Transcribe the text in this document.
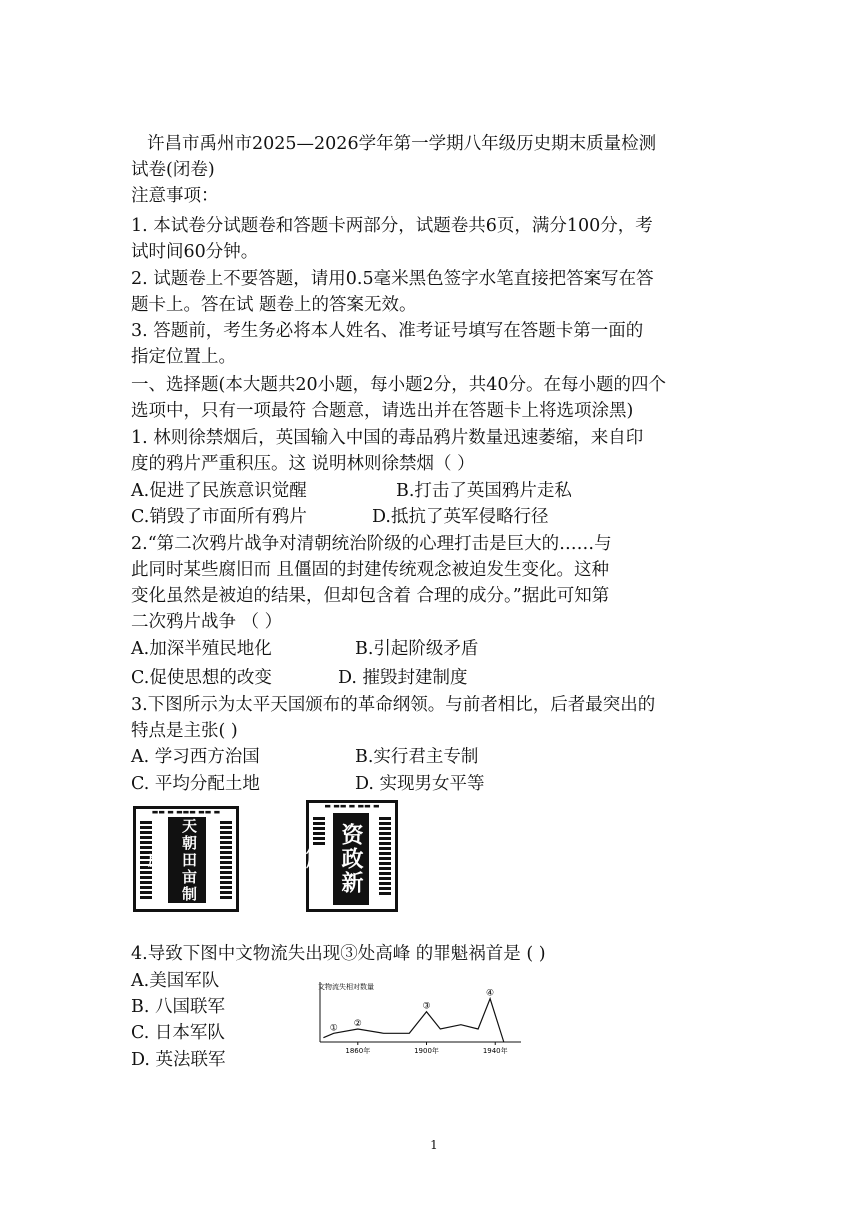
许昌市禹州市2025—2026学年第一学期八年级历史期末质量检测
试卷(闭卷)
注意事项：
1. 本试卷分试题卷和答题卡两部分，试题卷共6页，满分100分，考
试时间60分钟。
2. 试题卷上不要答题，请用0.5毫米黑色签字水笔直接把答案写在答
题卡上。答在试 题卷上的答案无效。
3. 答题前，考生务必将本人姓名、准考证号填写在答题卡第一面的
指定位置上。
一、选择题(本大题共20小题，每小题2分，共40分。在每小题的四个
选项中，只有一项最符 合题意，请选出并在答题卡上将选项涂黑)
1. 林则徐禁烟后，英国输入中国的毒品鸦片数量迅速萎缩，来自印
度的鸦片严重积压。这 说明林则徐禁烟（ ）
A.促进了民族意识觉醒	B.打击了英国鸦片走私
C.销毁了市面所有鸦片	D.抵抗了英军侵略行径
2.“第二次鸦片战争对清朝统治阶级的心理打击是巨大的……与
此同时某些腐旧而 且僵固的封建传统观念被迫发生变化。这种
变化虽然是被迫的结果，但却包含着 合理的成分。”据此可知第
二次鸦片战争 （ ）
A.加深半殖民地化	B.引起阶级矛盾
C.促使思想的改变	D. 摧毁封建制度
3.下图所示为太平天国颁布的革命纲领。与前者相比，后者最突出的
特点是主张( )
A. 学习西方治国	B.实行君主专制
C. 平均分配土地	D. 实现男女平等
▬▬ ▬ ▬▬▬ ▬▬ ▬
天朝田亩制度
▬ ▬▬ ▬ ▬▬ ▬
资政新篇
4.导致下图中文物流失出现③处高峰 的罪魁祸首是 ( )
A.美国军队
B. 八国联军
C. 日本军队
D. 英法联军
文物流失相对数量
① ②
③
④
1860年	1900年	1940年
1
